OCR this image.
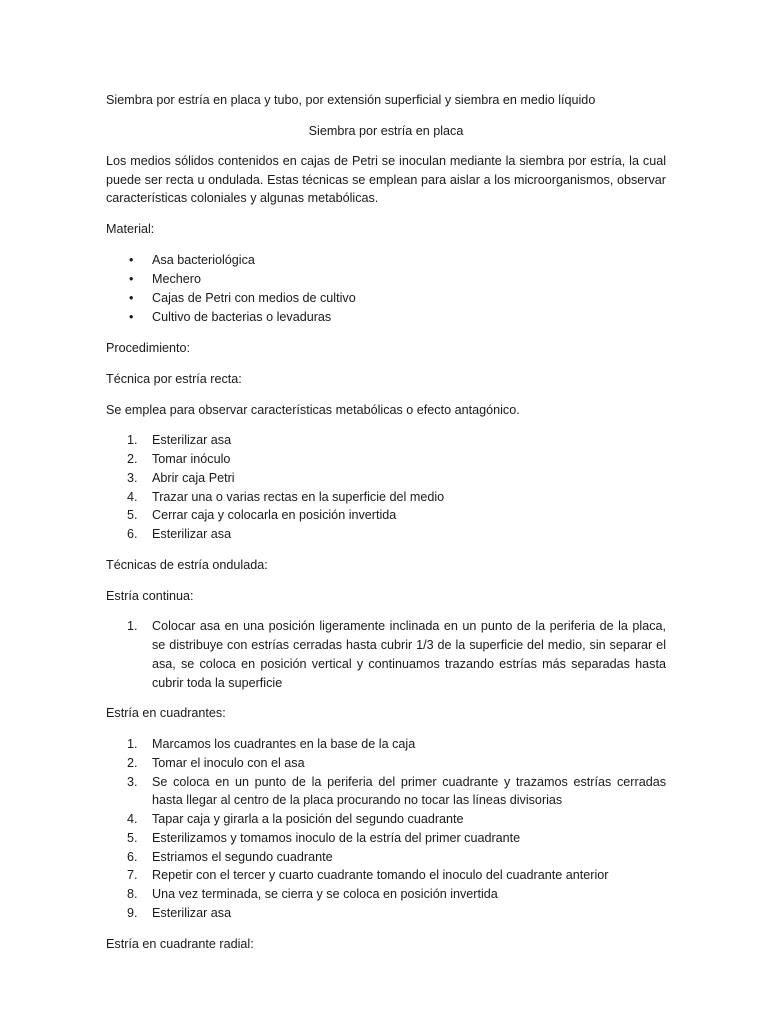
Siembra por estría en placa y tubo, por extensión superficial y siembra en medio líquido

Siembra por estría en placa

Los medios sólidos contenidos en cajas de Petri se inoculan mediante la siembra por estría, la cual puede ser recta u ondulada. Estas técnicas se emplean para aislar a los microorganismos, observar características coloniales y algunas metabólicas.

Material:

• Asa bacteriológica
• Mechero
• Cajas de Petri con medios de cultivo
• Cultivo de bacterias o levaduras

Procedimiento:

Técnica por estría recta:

Se emplea para observar características metabólicas o efecto antagónico.

1. Esterilizar asa
2. Tomar inóculo
3. Abrir caja Petri
4. Trazar una o varias rectas en la superficie del medio
5. Cerrar caja y colocarla en posición invertida
6. Esterilizar asa

Técnicas de estría ondulada:

Estría continua:

1. Colocar asa en una posición ligeramente inclinada en un punto de la periferia de la placa, se distribuye con estrías cerradas hasta cubrir 1/3 de la superficie del medio, sin separar el asa, se coloca en posición vertical y continuamos trazando estrías más separadas hasta cubrir toda la superficie

Estría en cuadrantes:

1. Marcamos los cuadrantes en la base de la caja
2. Tomar el inoculo con el asa
3. Se coloca en un punto de la periferia del primer cuadrante y trazamos estrías cerradas hasta llegar al centro de la placa procurando no tocar las líneas divisorias
4. Tapar caja y girarla a la posición del segundo cuadrante
5. Esterilizamos y tomamos inoculo de la estría del primer cuadrante
6. Estriamos el segundo cuadrante
7. Repetir con el tercer y cuarto cuadrante tomando el inoculo del cuadrante anterior
8. Una vez terminada, se cierra y se coloca en posición invertida
9. Esterilizar asa

Estría en cuadrante radial:
